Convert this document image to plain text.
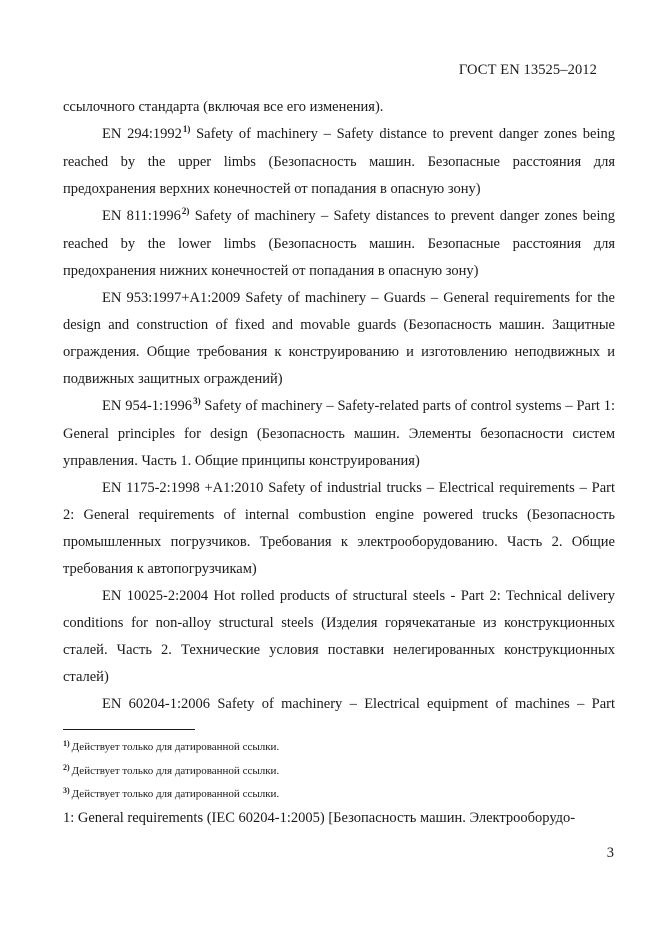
ГОСТ EN 13525–2012

ссылочного стандарта (включая все его изменения).

EN 294:1992$^{1)}$ Safety of machinery – Safety distance to prevent danger zones being reached by the upper limbs (Безопасность машин. Безопасные расстояния для предохранения верхних конечностей от попадания в опасную зону)

EN 811:1996$^{2)}$ Safety of machinery – Safety distances to prevent danger zones being reached by the lower limbs (Безопасность машин. Безопасные расстояния для предохранения нижних конечностей от попадания в опасную зону)

EN 953:1997+A1:2009 Safety of machinery – Guards – General requirements for the design and construction of fixed and movable guards (Безопасность машин. Защитные ограждения. Общие требования к конструированию и изготовлению неподвижных и подвижных защитных ограждений)

EN 954-1:1996$^{3)}$ Safety of machinery – Safety-related parts of control systems – Part 1: General principles for design (Безопасность машин. Элементы безопасности систем управления. Часть 1. Общие принципы конструирования)

EN 1175-2:1998 +A1:2010 Safety of industrial trucks – Electrical requirements – Part 2: General requirements of internal combustion engine powered trucks (Безопасность промышленных погрузчиков. Требования к электрооборудованию. Часть 2. Общие требования к автопогрузчикам)

EN 10025-2:2004 Hot rolled products of structural steels - Part 2: Technical delivery conditions for non-alloy structural steels (Изделия горячекатаные из конструкционных сталей. Часть 2. Технические условия поставки нелегированных конструкционных сталей)

EN 60204-1:2006 Safety of machinery – Electrical equipment of machines – Part

$^{1)}$ Действует только для датированной ссылки.

$^{2)}$ Действует только для датированной ссылки.

$^{3)}$ Действует только для датированной ссылки.

1: General requirements (IEC 60204-1:2005) [Безопасность машин. Электрооборудо-

3
